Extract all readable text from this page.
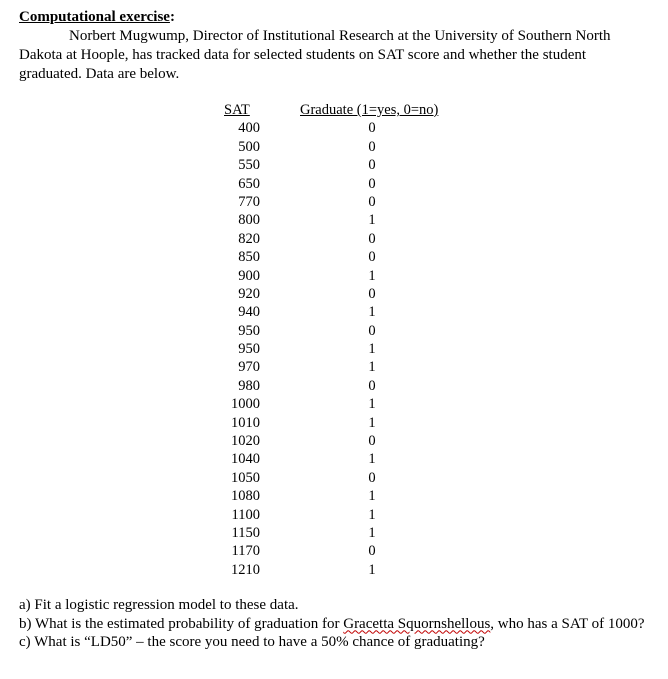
Computational exercise:
Norbert Mugwump, Director of Institutional Research at the University of Southern North Dakota at Hoople, has tracked data for selected students on SAT score and whether the student graduated. Data are below.
SAT	Graduate (1=yes, 0=no)
400	0
500	0
550	0
650	0
770	0
800	1
820	0
850	0
900	1
920	0
940	1
950	0
950	1
970	1
980	0
1000	1
1010	1
1020	0
1040	1
1050	0
1080	1
1100	1
1150	1
1170	0
1210	1

a) Fit a logistic regression model to these data.

b) What is the estimated probability of graduation for Gracetta Squornshellous, who has a SAT of 1000?

c) What is “LD50” – the score you need to have a 50% chance of graduating?
